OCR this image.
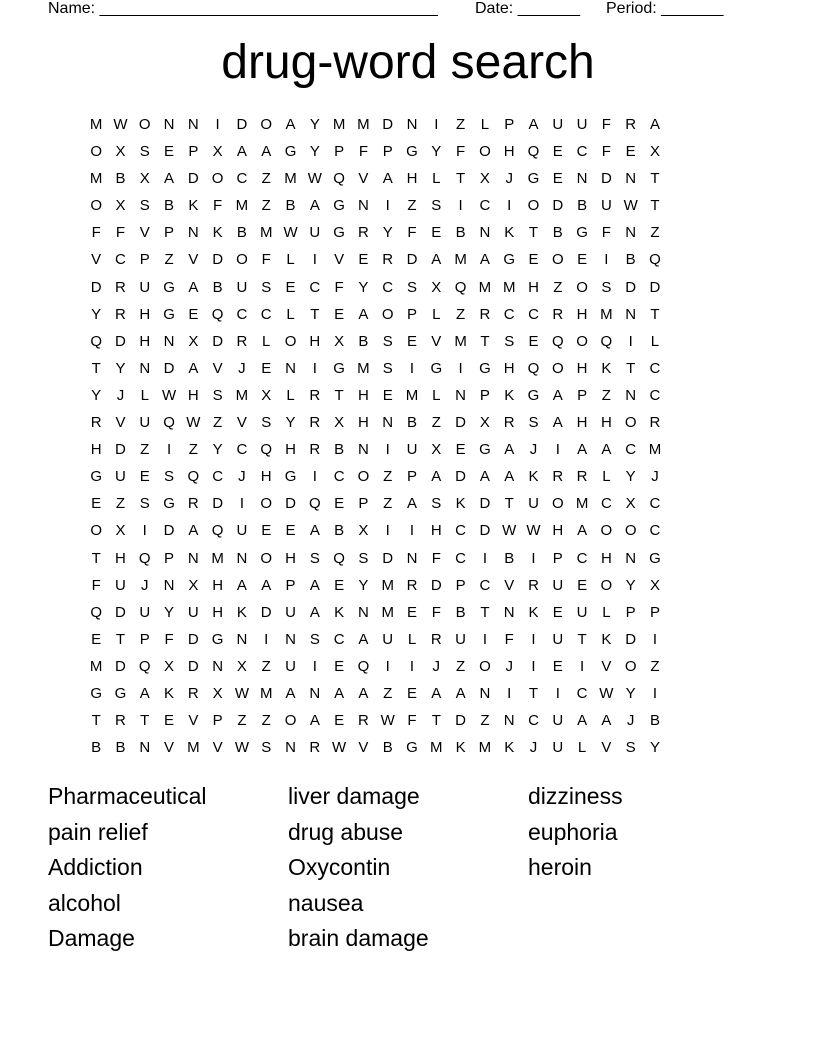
Name: ______________________________________ Date: _______ Period: _______
drug-word search
M W O N N	I	D O A Y M M D N	I	Z	L	P A U U F R A
O X S E P X A A G Y P F P G Y F O H Q E C F E X
M B X A D O C Z M W Q V A H L	T X	J G E N D N T
O X S B K F M Z B A G N	I	Z S	I	C	I	O D B U W T
F	F V P N K B M W U G R Y F E B N K T B G F N Z
V C P Z V D O F	L	I	V E R D A M A G E O E	I	B Q
D R U G A B U S E C F Y C S X Q M M H Z O S D D
Y R H G E Q C C L	T E A O P	L	Z R C C R H M N T
Q D H N X D R L O H X B S E V M T S E Q O Q	I	L
T Y N D A V	J	E N	I	G M S	I	G	I	G H Q O H K T C
Y	J	L W H S M X	L R T H E M L N P K G A P Z N C
R V U Q W Z V S Y R X H N B Z D X R S A H H O R
H D Z	I	Z Y C Q H R B N	I	U X E G A	J	I	A A C M
G U E S Q C	J	H G	I	C O Z P A D A A K R R L	Y	J
E Z S G R D	I	O D Q E P Z A S K D T U O M C X C
O X	I	D A Q U E E A B X	I	I	H C D W W H A O O C
T H Q P N M N O H S Q S D N F C	I	B	I	P C H N G
F U	J	N X H A A P A E Y M R D P C V R U E O Y X
Q D U Y U H K D U A K N M E F B T N K E U L	P P
E T P F D G N	I	N S C A U L R U	I	F	I	U T K D	I
M D Q X D N X Z U	I	E Q	I	I	J	Z O J	I	E	I	V O Z
G G A K R X W M A N A A Z E A A N	I	T	I	C W Y	I
T R T E V P Z	Z O A E R W F	T D Z N C U A A	J	B
B B N V M V W S N R W V B G M K M K	J	U L	V S Y
Pharmaceutical
pain relief
Addiction
alcohol
Damage
liver damage
drug abuse
Oxycontin
nausea
brain damage
dizziness
euphoria
heroin
